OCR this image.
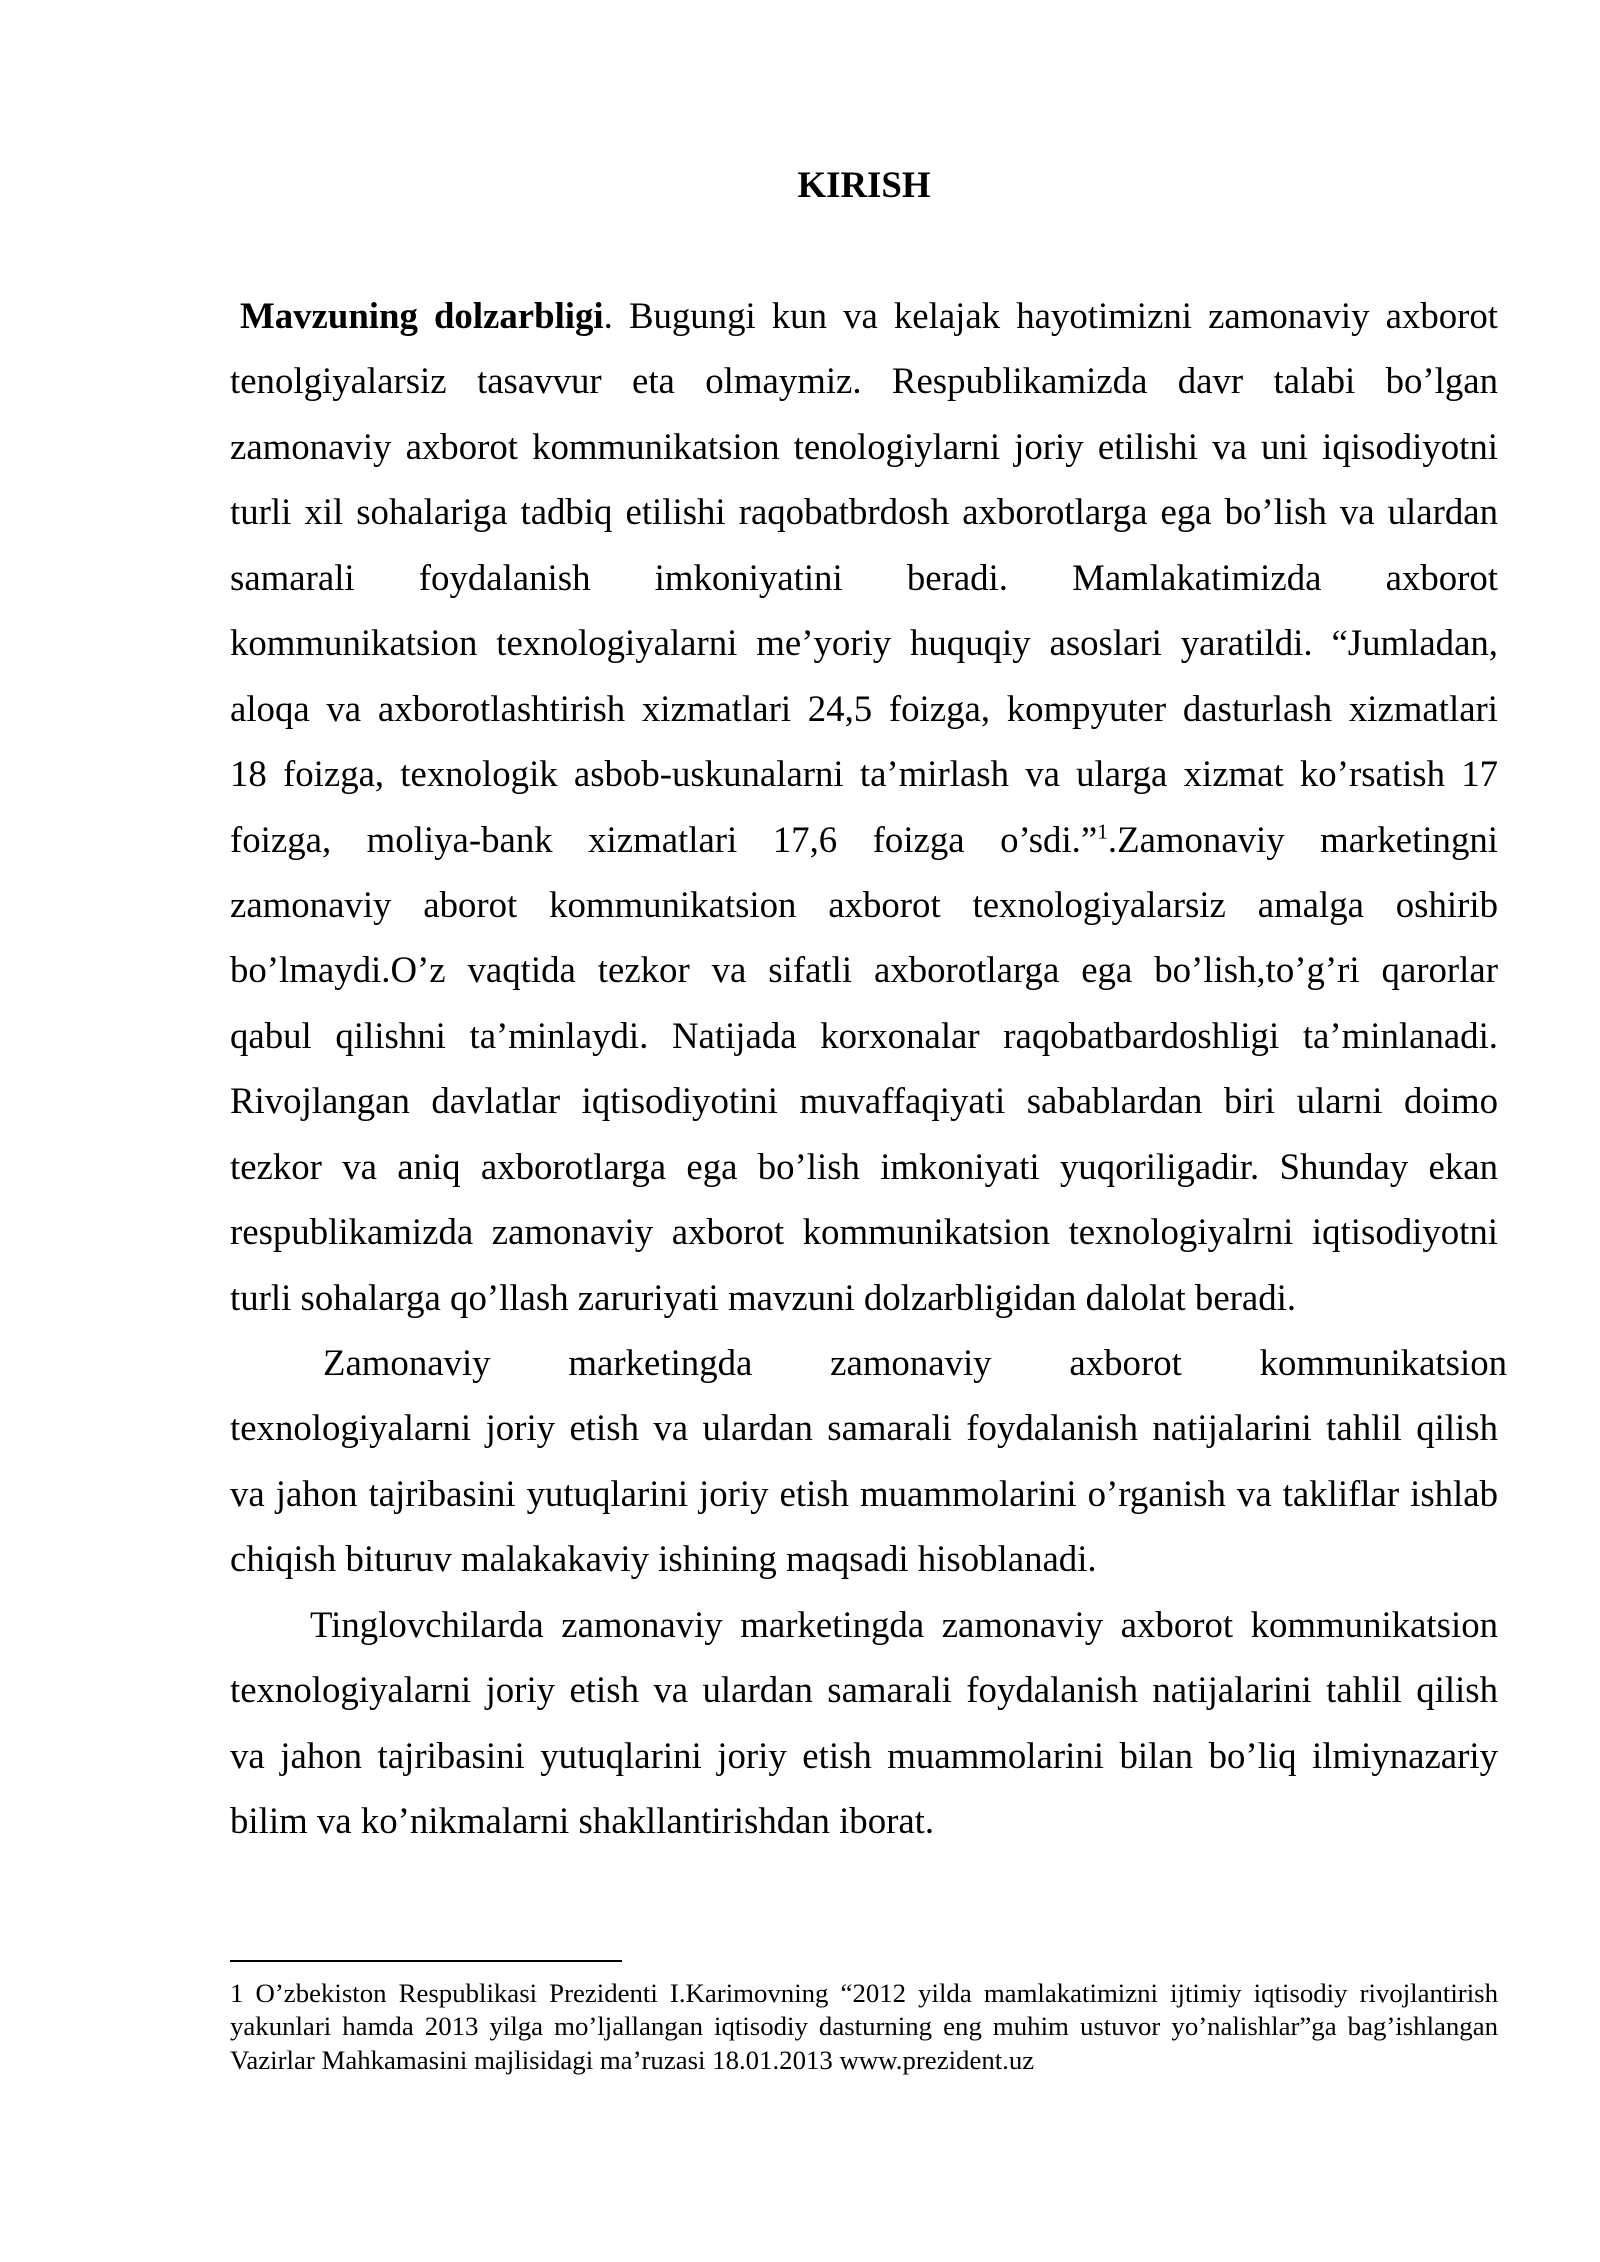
KIRISH
Mavzuning dolzarbligi. Bugungi kun va kelajak hayotimizni zamonaviy axborot
tenolgiyalarsiz tasavvur eta olmaymiz. Respublikamizda davr talabi bo’lgan
zamonaviy axborot kommunikatsion tenologiylarni joriy etilishi va uni iqisodiyotni
turli xil sohalariga tadbiq etilishi raqobatbrdosh axborotlarga ega bo’lish va ulardan
samarali foydalanish imkoniyatini beradi. Mamlakatimizda axborot
kommunikatsion texnologiyalarni me’yoriy huquqiy asoslari yaratildi. “Jumladan,
aloqa va axborotlashtirish xizmatlari 24,5 foizga, kompyuter dasturlash xizmatlari
18 foizga, texnologik asbob-uskunalarni ta’mirlash va ularga xizmat ko’rsatish 17
foizga, moliya-bank xizmatlari 17,6 foizga o’sdi.”$^1$.Zamonaviy marketingni
zamonaviy aborot kommunikatsion axborot texnologiyalarsiz amalga oshirib
bo’lmaydi.O’z vaqtida tezkor va sifatli axborotlarga ega bo’lish,to’g’ri qarorlar
qabul qilishni ta’minlaydi. Natijada korxonalar raqobatbardoshligi ta’minlanadi.
Rivojlangan davlatlar iqtisodiyotini muvaffaqiyati sabablardan biri ularni doimo
tezkor va aniq axborotlarga ega bo’lish imkoniyati yuqoriligadir. Shunday ekan
respublikamizda zamonaviy axborot kommunikatsion texnologiyalrni iqtisodiyotni
turli sohalarga qo’llash zaruriyati mavzuni dolzarbligidan dalolat beradi.
Zamonaviy marketingda zamonaviy axborot kommunikatsion
texnologiyalarni joriy etish va ulardan samarali foydalanish natijalarini tahlil qilish
va jahon tajribasini yutuqlarini joriy etish muammolarini o’rganish va takliflar ishlab
chiqish bituruv malakakaviy ishining maqsadi hisoblanadi.
Tinglovchilarda zamonaviy marketingda zamonaviy axborot kommunikatsion
texnologiyalarni joriy etish va ulardan samarali foydalanish natijalarini tahlil qilish
va jahon tajribasini yutuqlarini joriy etish muammolarini bilan bo’liq ilmiynazariy
bilim va ko’nikmalarni shakllantirishdan iborat.
1 O’zbekiston Respublikasi Prezidenti I.Karimovning “2012 yilda mamlakatimizni ijtimiy iqtisodiy rivojlantirish
yakunlari hamda 2013 yilga mo’ljallangan iqtisodiy dasturning eng muhim ustuvor yo’nalishlar”ga bag’ishlangan
Vazirlar Mahkamasini majlisidagi ma’ruzasi 18.01.2013 www.prezident.uz
